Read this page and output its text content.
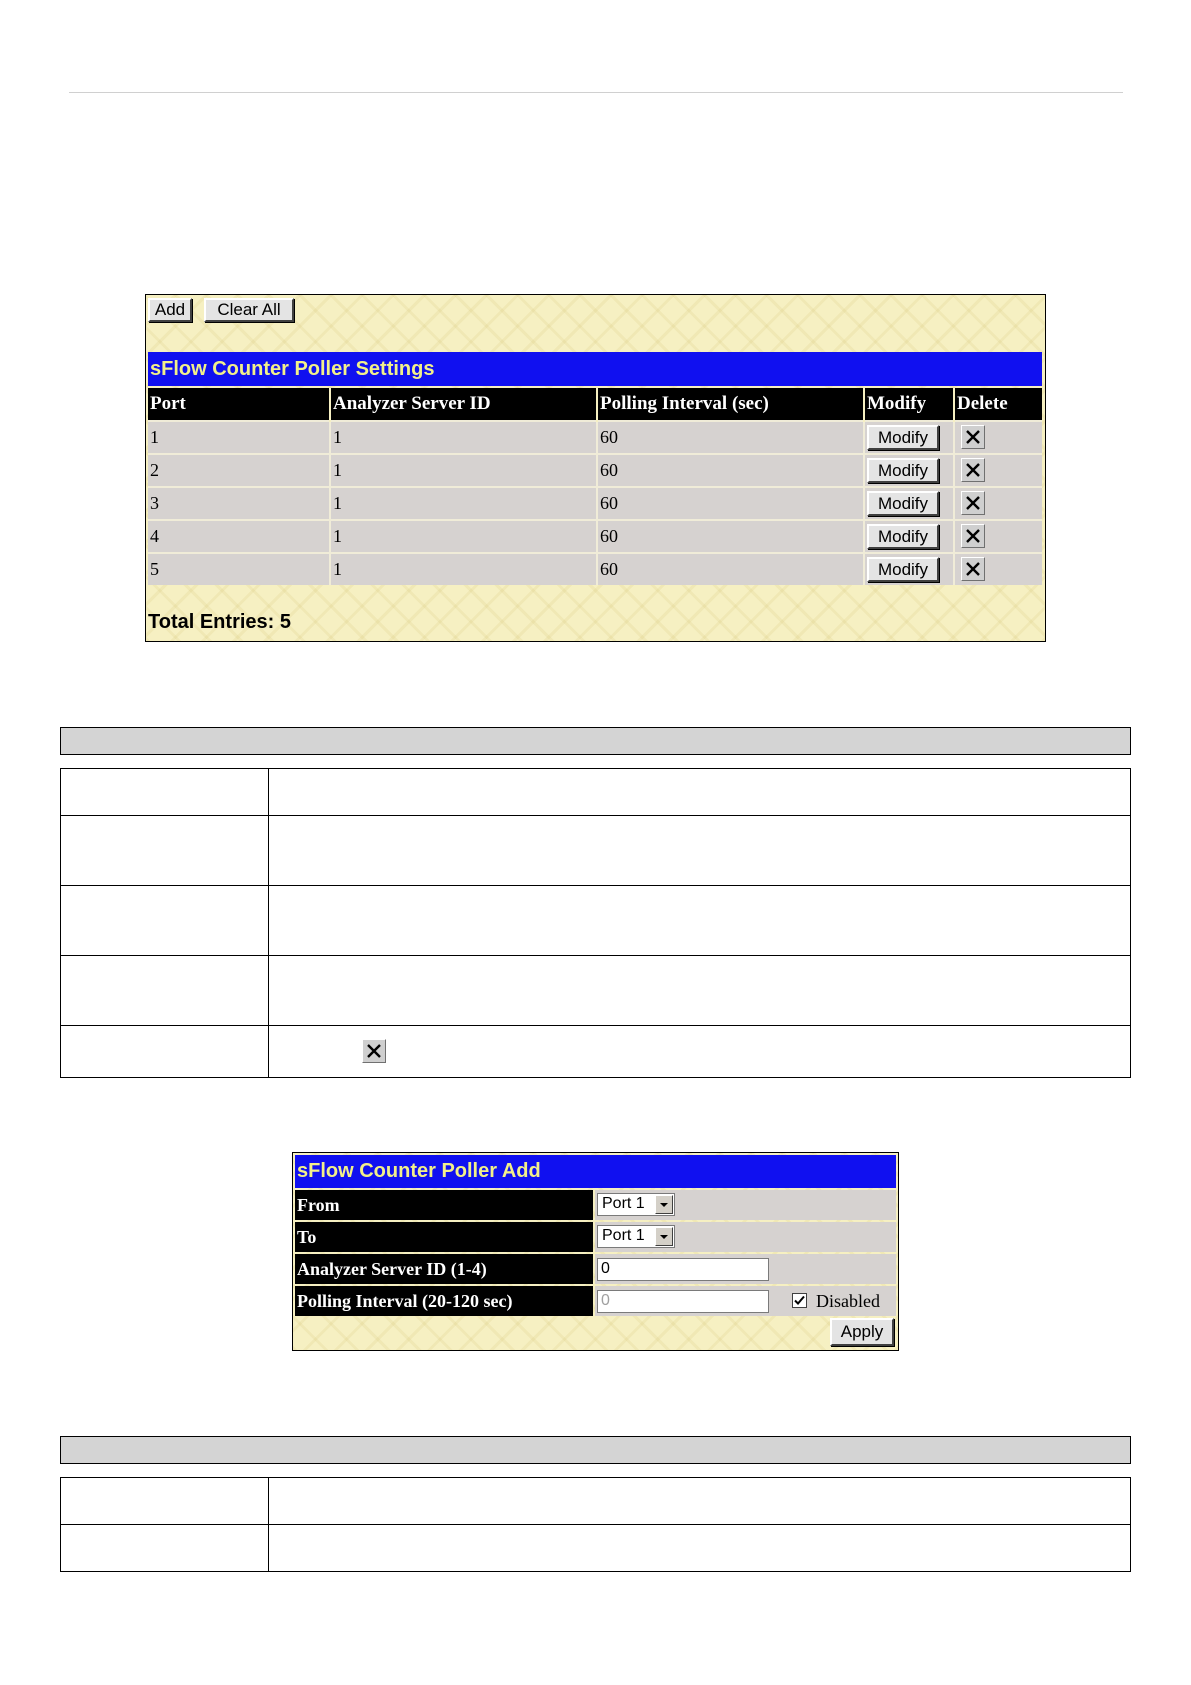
Add	Clear All
sFlow Counter Poller Settings
Port	Analyzer Server ID	Polling Interval (sec)	Modify	Delete
1	1	60	Modify	

2	1	60	Modify	

3	1	60	Modify	

4	1	60	Modify	

5	1	60	Modify	
Total Entries: 5

sFlow Counter Poller Add
From	Port 1
To	Port 1
Analyzer Server ID (1-4)	0
Polling Interval (20-120 sec)	0	Disabled
Apply
